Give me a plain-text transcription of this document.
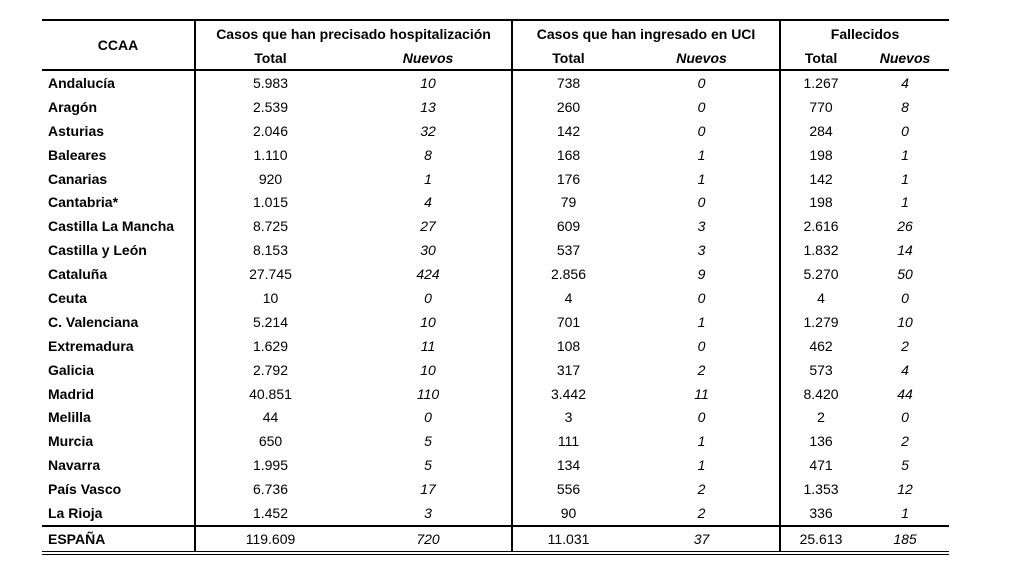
CCAA	Casos que han precisado hospitalización		Casos que han ingresado en UCI		Fallecidos	
	Total	Nuevos	Total	Nuevos	Total	Nuevos
Andalucía	5.983	10	738	0	1.267	4
Aragón	2.539	13	260	0	770	8
Asturias	2.046	32	142	0	284	0
Baleares	1.110	8	168	1	198	1
Canarias	920	1	176	1	142	1
Cantabria*	1.015	4	79	0	198	1
Castilla La Mancha	8.725	27	609	3	2.616	26
Castilla y León	8.153	30	537	3	1.832	14
Cataluña	27.745	424	2.856	9	5.270	50
Ceuta	10	0	4	0	4	0
C. Valenciana	5.214	10	701	1	1.279	10
Extremadura	1.629	11	108	0	462	2
Galicia	2.792	10	317	2	573	4
Madrid	40.851	110	3.442	11	8.420	44
Melilla	44	0	3	0	2	0
Murcia	650	5	111	1	136	2
Navarra	1.995	5	134	1	471	5
País Vasco	6.736	17	556	2	1.353	12
La Rioja	1.452	3	90	2	336	1
ESPAÑA	119.609	720	11.031	37	25.613	185
